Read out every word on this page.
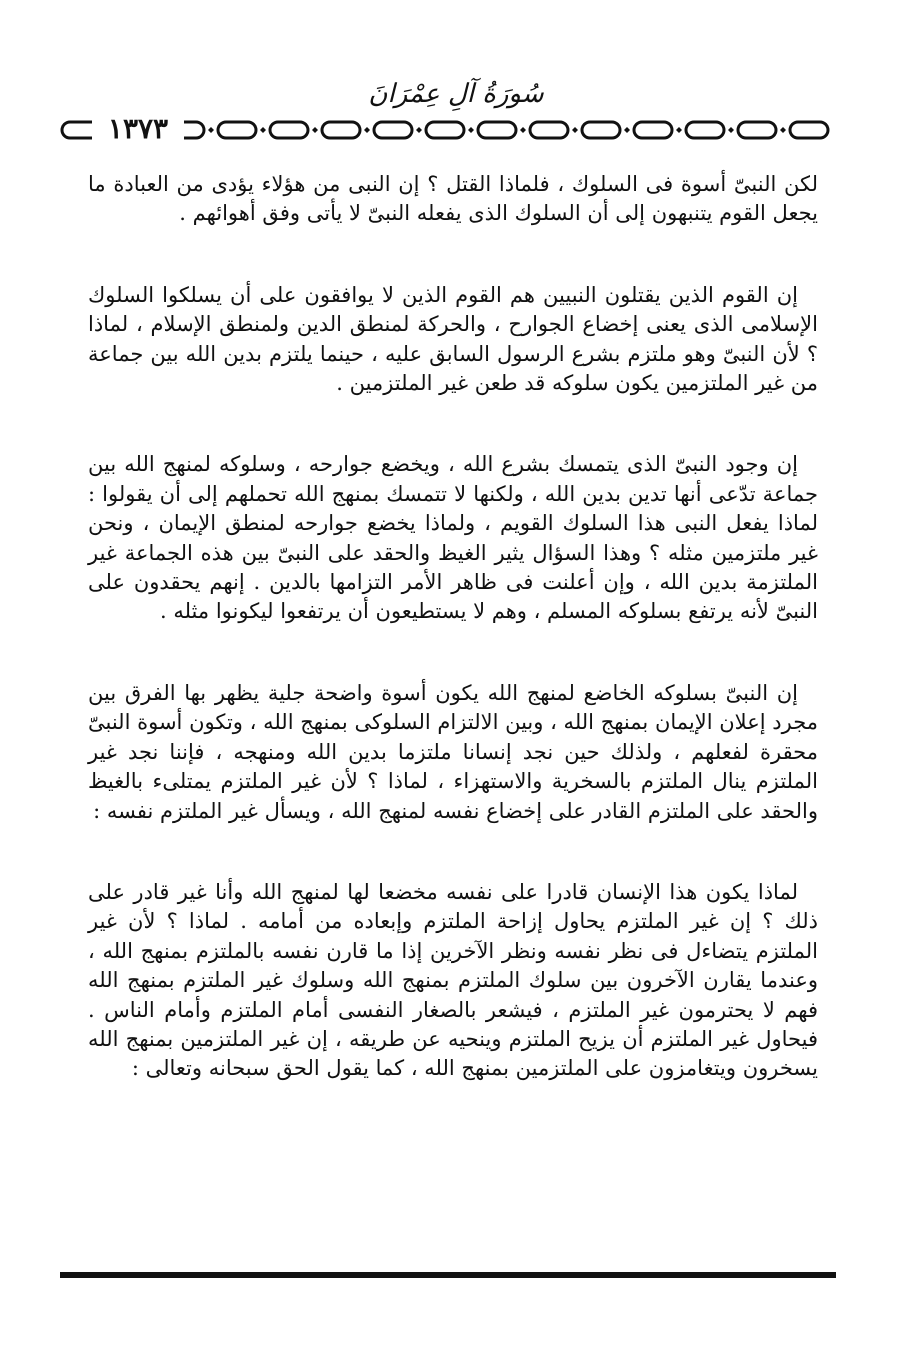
سُورَةُ آلِ عِمْرَانَ
١٣٧٣

لكن النبىّ أسوة فى السلوك ، فلماذا القتل ؟ إن النبى من هؤلاء يؤدى من العبادة ما يجعل القوم يتنبهون إلى أن السلوك الذى يفعله النبىّ لا يأتى وفق أهوائهم .

إن القوم الذين يقتلون النبيين هم القوم الذين لا يوافقون على أن يسلكوا السلوك الإسلامى الذى يعنى إخضاع الجوارح ، والحركة لمنطق الدين ولمنطق الإسلام ، لماذا ؟ لأن النبىّ وهو ملتزم بشرع الرسول السابق عليه ، حينما يلتزم بدين الله بين جماعة من غير الملتزمين يكون سلوكه قد طعن غير الملتزمين .

إن وجود النبىّ الذى يتمسك بشرع الله ، ويخضع جوارحه ، وسلوكه لمنهج الله بين جماعة تدّعى أنها تدين بدين الله ، ولكنها لا تتمسك بمنهج الله تحملهم إلى أن يقولوا : لماذا يفعل النبى هذا السلوك القويم ، ولماذا يخضع جوارحه لمنطق الإيمان ، ونحن غير ملتزمين مثله ؟ وهذا السؤال يثير الغيظ والحقد على النبىّ بين هذه الجماعة غير الملتزمة بدين الله ، وإن أعلنت فى ظاهر الأمر التزامها بالدين . إنهم يحقدون على النبىّ لأنه يرتفع بسلوكه المسلم ، وهم لا يستطيعون أن يرتفعوا ليكونوا مثله .

إن النبىّ بسلوكه الخاضع لمنهج الله يكون أسوة واضحة جلية يظهر بها الفرق بين مجرد إعلان الإيمان بمنهج الله ، وبين الالتزام السلوكى بمنهج الله ، وتكون أسوة النبىّ محقرة لفعلهم ، ولذلك حين نجد إنسانا ملتزما بدين الله ومنهجه ، فإننا نجد غير الملتزم ينال الملتزم بالسخرية والاستهزاء ، لماذا ؟ لأن غير الملتزم يمتلىء بالغيظ والحقد على الملتزم القادر على إخضاع نفسه لمنهج الله ، ويسأل غير الملتزم نفسه :

لماذا يكون هذا الإنسان قادرا على نفسه مخضعا لها لمنهج الله وأنا غير قادر على ذلك ؟ إن غير الملتزم يحاول إزاحة الملتزم وإبعاده من أمامه . لماذا ؟ لأن غير الملتزم يتضاءل فى نظر نفسه ونظر الآخرين إذا ما قارن نفسه بالملتزم بمنهج الله ، وعندما يقارن الآخرون بين سلوك الملتزم بمنهج الله وسلوك غير الملتزم بمنهج الله فهم لا يحترمون غير الملتزم ، فيشعر بالصغار النفسى أمام الملتزم وأمام الناس . فيحاول غير الملتزم أن يزيح الملتزم وينحيه عن طريقه ، إن غير الملتزمين بمنهج الله يسخرون ويتغامزون على الملتزمين بمنهج الله ، كما يقول الحق سبحانه وتعالى :
